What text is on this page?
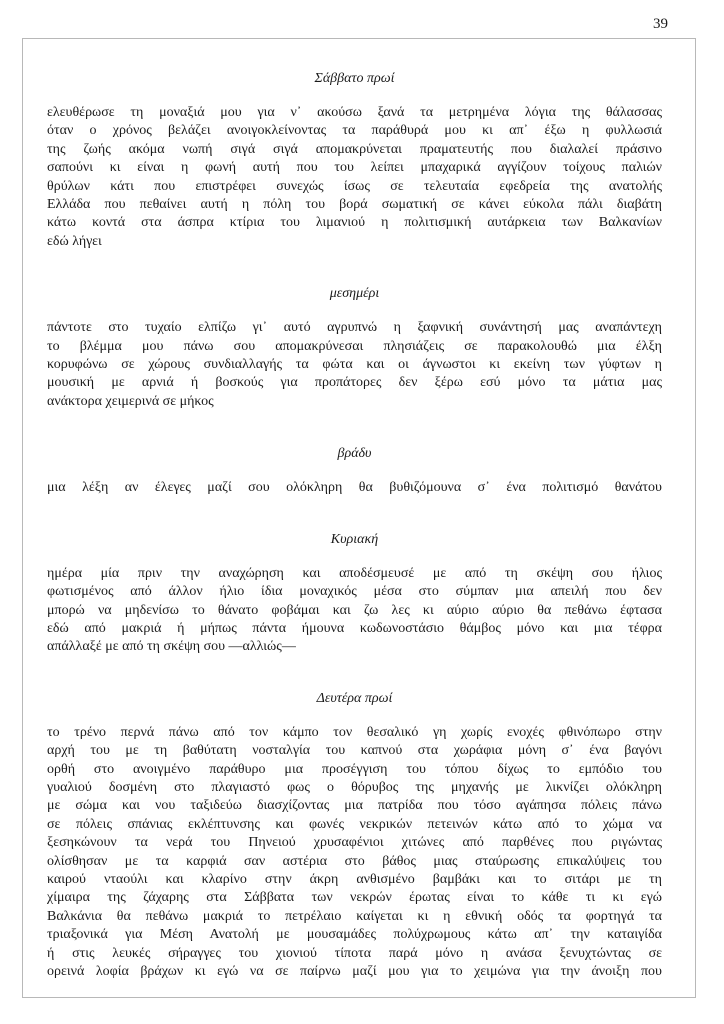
39
Σάββατο πρωί
ελευθέρωσε τη μοναξιά μου για ν᾽ ακούσω ξανά τα μετρημένα λόγια της θάλασσας
όταν ο χρόνος βελάζει ανοιγοκλείνοντας τα παράθυρά μου κι απ᾽ έξω η φυλλωσιά
της ζωής ακόμα νωπή σιγά σιγά απομακρύνεται πραματευτής που διαλαλεί πράσινο
σαπούνι κι είναι η φωνή αυτή που του λείπει μπαχαρικά αγγίζουν τοίχους παλιών
θρύλων κάτι που επιστρέφει συνεχώς ίσως σε τελευταία εφεδρεία της ανατολής
Ελλάδα που πεθαίνει αυτή η πόλη του βορά σωματική σε κάνει εύκολα πάλι διαβάτη
κάτω κοντά στα άσπρα κτίρια του λιμανιού η πολιτισμική αυτάρκεια των Βαλκανίων
εδώ λήγει
μεσημέρι
πάντοτε στο τυχαίο ελπίζω γι᾽ αυτό αγρυπνώ η ξαφνική συνάντησή μας αναπάντεχη
το βλέμμα μου πάνω σου απομακρύνεσαι πλησιάζεις σε παρακολουθώ μια έλξη
κορυφώνω σε χώρους συνδιαλλαγής τα φώτα και οι άγνωστοι κι εκείνη των γύφτων η
μουσική με αρνιά ή βοσκούς για προπάτορες δεν ξέρω εσύ μόνο τα μάτια μας
ανάκτορα χειμερινά σε μήκος
βράδυ
μια λέξη αν έλεγες μαζί σου ολόκληρη θα βυθιζόμουνα σ᾽ ένα πολιτισμό θανάτου
Κυριακή
ημέρα μία πριν την αναχώρηση και αποδέσμευσέ με από τη σκέψη σου ήλιος
φωτισμένος από άλλον ήλιο ίδια μοναχικός μέσα στο σύμπαν μια απειλή που δεν
μπορώ να μηδενίσω το θάνατο φοβάμαι και ζω λες κι αύριο αύριο θα πεθάνω έφτασα
εδώ από μακριά ή μήπως πάντα ήμουνα κωδωνοστάσιο θάμβος μόνο και μια τέφρα
απάλλαξέ με από τη σκέψη σου —αλλιώς—
Δευτέρα πρωί
το τρένο περνά πάνω από τον κάμπο τον θεσαλικό γη χωρίς ενοχές φθινόπωρο στην
αρχή του με τη βαθύτατη νοσταλγία του καπνού στα χωράφια μόνη σ᾽ ένα βαγόνι
ορθή στο ανοιγμένο παράθυρο μια προσέγγιση του τόπου δίχως το εμπόδιο του
γυαλιού δοσμένη στο πλαγιαστό φως ο θόρυβος της μηχανής με λικνίζει ολόκληρη
με σώμα και νου ταξιδεύω διασχίζοντας μια πατρίδα που τόσο αγάπησα πόλεις πάνω
σε πόλεις σπάνιας εκλέπτυνσης και φωνές νεκρικών πετεινών κάτω από το χώμα να
ξεσηκώνουν τα νερά του Πηνειού χρυσαφένιοι χιτώνες από παρθένες που ριγώντας
ολίσθησαν με τα καρφιά σαν αστέρια στο βάθος μιας σταύρωσης επικαλύψεις του
καιρού νταούλι και κλαρίνο στην άκρη ανθισμένο βαμβάκι και το σιτάρι με τη
χίμαιρα της ζάχαρης στα Σάββατα των νεκρών έρωτας είναι το κάθε τι κι εγώ
Βαλκάνια θα πεθάνω μακριά το πετρέλαιο καίγεται κι η εθνική οδός τα φορτηγά τα
τριαξονικά για Μέση Ανατολή με μουσαμάδες πολύχρωμους κάτω απ᾽ την καταιγίδα
ή στις λευκές σήραγγες του χιονιού τίποτα παρά μόνο η ανάσα ξενυχτώντας σε
ορεινά λοφία βράχων κι εγώ να σε παίρνω μαζί μου για το χειμώνα για την άνοιξη που
